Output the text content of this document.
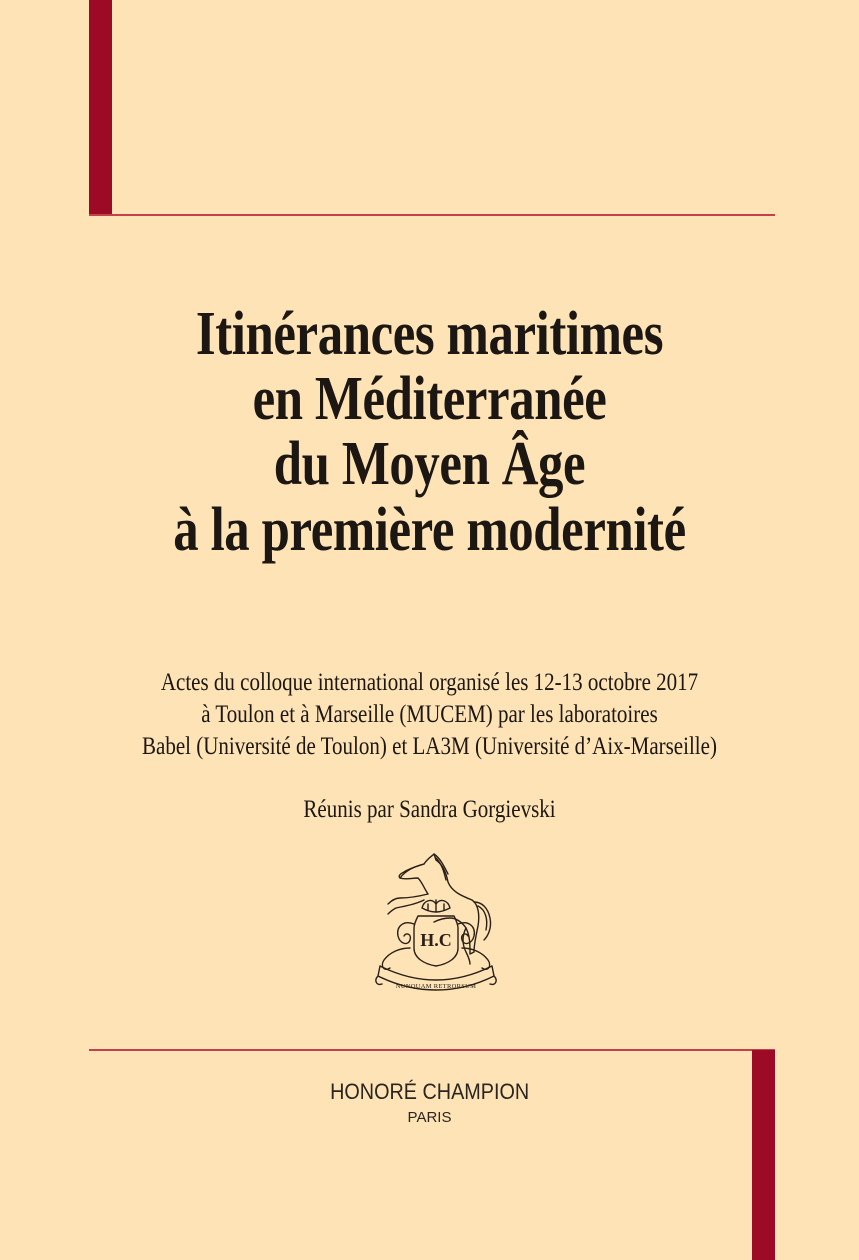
Itinérances maritimes
en Méditerranée
du Moyen Âge
à la première modernité
Actes du colloque international organisé les 12-13 octobre 2017
à Toulon et à Marseille (MUCEM) par les laboratoires
Babel (Université de Toulon) et LA3M (Université d’Aix-Marseille)
Réunis par Sandra Gorgievski
H.C
NUNQUAM RETRORSUM
HONORÉ CHAMPION
PARIS
